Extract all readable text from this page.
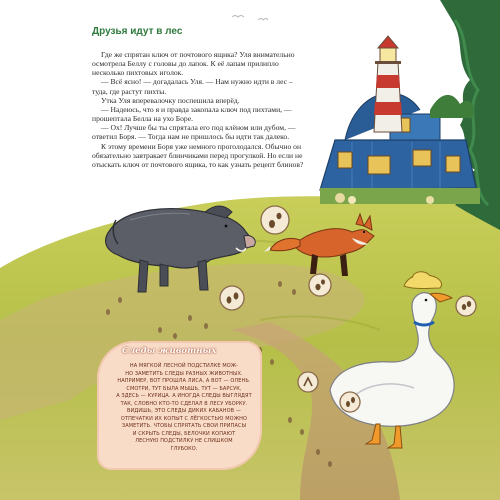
Друзья идут в лес

Где же спрятан ключ от почтового ящика? Уля внимательно осмотрела Беллу с головы до лапок. К её лапам прилипло несколько пихтовых иголок.

— Всё ясно! — догадалась Уля. — Нам нужно идти в лес – туда, где растут пихты.

Утка Уля вперевалочку поспешила вперёд.

— Надеюсь, что я и правда закопала ключ под пихтами, — прошептала Белла на ухо Боре.

— Ох! Лучше бы ты спрятала его под клёном или дубом, — ответил Боря. — Тогда нам не пришлось бы идти так далеко.

К этому времени Боря уже немного проголодался. Обычно он обязательно завтракает блинчиками перед прогулкой. Но если не отыскать ключ от почтового ящика, то как узнать рецепт блинов?

Следы животных
НА МЯГКОЙ ЛЕСНОЙ ПОДСТИЛКЕ МОЖ-
НО ЗАМЕТИТЬ СЛЕДЫ РАЗНЫХ ЖИВОТНЫХ.
НАПРИМЕР, ВОТ ПРОШЛА ЛИСА, А ВОТ — ОЛЕНЬ.
СМОТРИ, ТУТ БЫЛА МЫШЬ, ТУТ — БАРСУК,
А ЗДЕСЬ — КУРИЦА. А ИНОГДА СЛЕДЫ ВЫГЛЯДЯТ
ТАК, СЛОВНО КТО-ТО СДЕЛАЛ В ЛЕСУ УБОРКУ.
ВИДИШЬ, ЭТО СЛЕДЫ ДИКИХ КАБАНОВ —
ОТПЕЧАТКИ ИХ КОПЫТ С ЛЁГКОСТЬЮ МОЖНО
ЗАМЕТИТЬ. ЧТОБЫ СПРЯТАТЬ СВОИ ПРИПАСЫ
И СКРЫТЬ СЛЕДЫ, БЕЛОЧКИ КОПАЮТ
ЛЕСНУЮ ПОДСТИЛКУ НЕ СЛИШКОМ
ГЛУБОКО.
